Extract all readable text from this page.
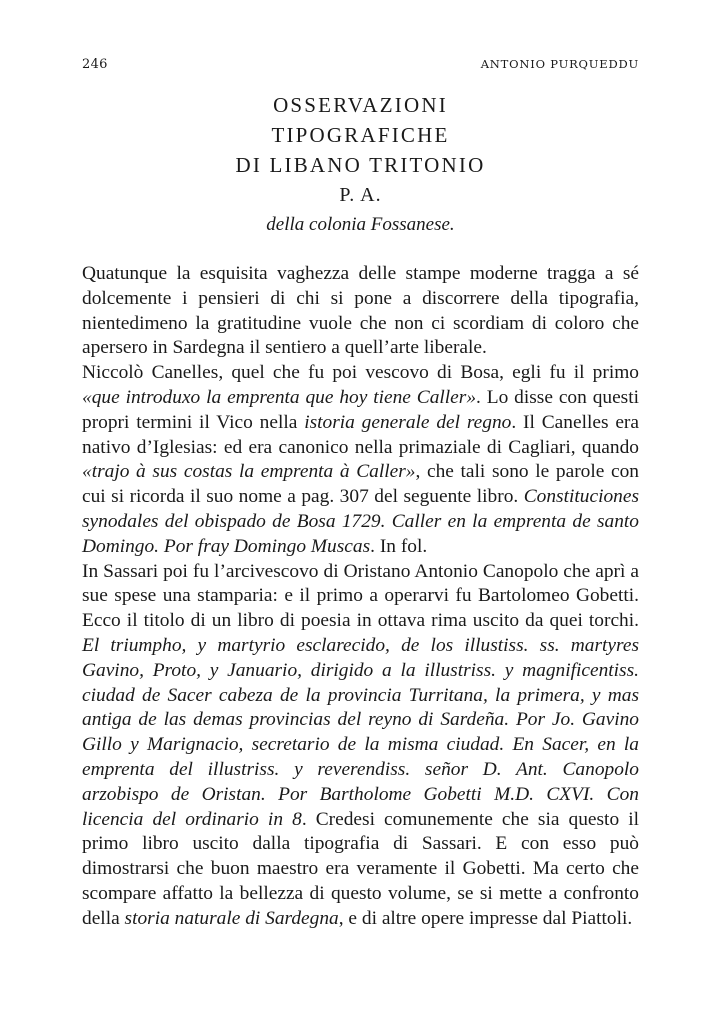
246	ANTONIO PURQUEDDU
OSSERVAZIONI
TIPOGRAFICHE
DI LIBANO TRITONIO
P. A.
della colonia Fossanese.

Quatunque la esquisita vaghezza delle stampe moderne tragga a sé dolcemente i pensieri di chi si pone a discorrere della tipografia, nientedimeno la gratitudine vuole che non ci scordiam di coloro che apersero in Sardegna il sentiero a quell’arte liberale.

Niccolò Canelles, quel che fu poi vescovo di Bosa, egli fu il primo «que introduxo la emprenta que hoy tiene Caller». Lo disse con questi propri termini il Vico nella istoria generale del regno. Il Canelles era nativo d’Iglesias: ed era canonico nella primaziale di Cagliari, quando «trajo à sus costas la emprenta à Caller», che tali sono le parole con cui si ricorda il suo nome a pag. 307 del seguente libro. Constituciones synodales del obispado de Bosa 1729. Caller en la emprenta de santo Domingo. Por fray Domingo Muscas. In fol.

In Sassari poi fu l’arcivescovo di Oristano Antonio Canopolo che aprì a sue spese una stamparia: e il primo a operarvi fu Bartolomeo Gobetti. Ecco il titolo di un libro di poesia in ottava rima uscito da quei torchi. El triumpho, y martyrio esclarecido, de los illustiss. ss. martyres Gavino, Proto, y Januario, dirigido a la illustriss. y magnificentiss. ciudad de Sacer cabeza de la provincia Turritana, la primera, y mas antiga de las demas provincias del reyno di Sardeña. Por Jo. Gavino Gillo y Marignacio, secretario de la misma ciudad. En Sacer, en la emprenta del illustriss. y reverendiss. señor D. Ant. Canopolo arzobispo de Oristan. Por Bartholome Gobetti M.D. CXVI. Con licencia del ordinario in 8. Credesi comunemente che sia questo il primo libro uscito dalla tipografia di Sassari. E con esso può dimostrarsi che buon maestro era veramente il Gobetti. Ma certo che scompare affatto la bellezza di questo volume, se si mette a confronto della storia naturale di Sardegna, e di altre opere impresse dal Piattoli.
